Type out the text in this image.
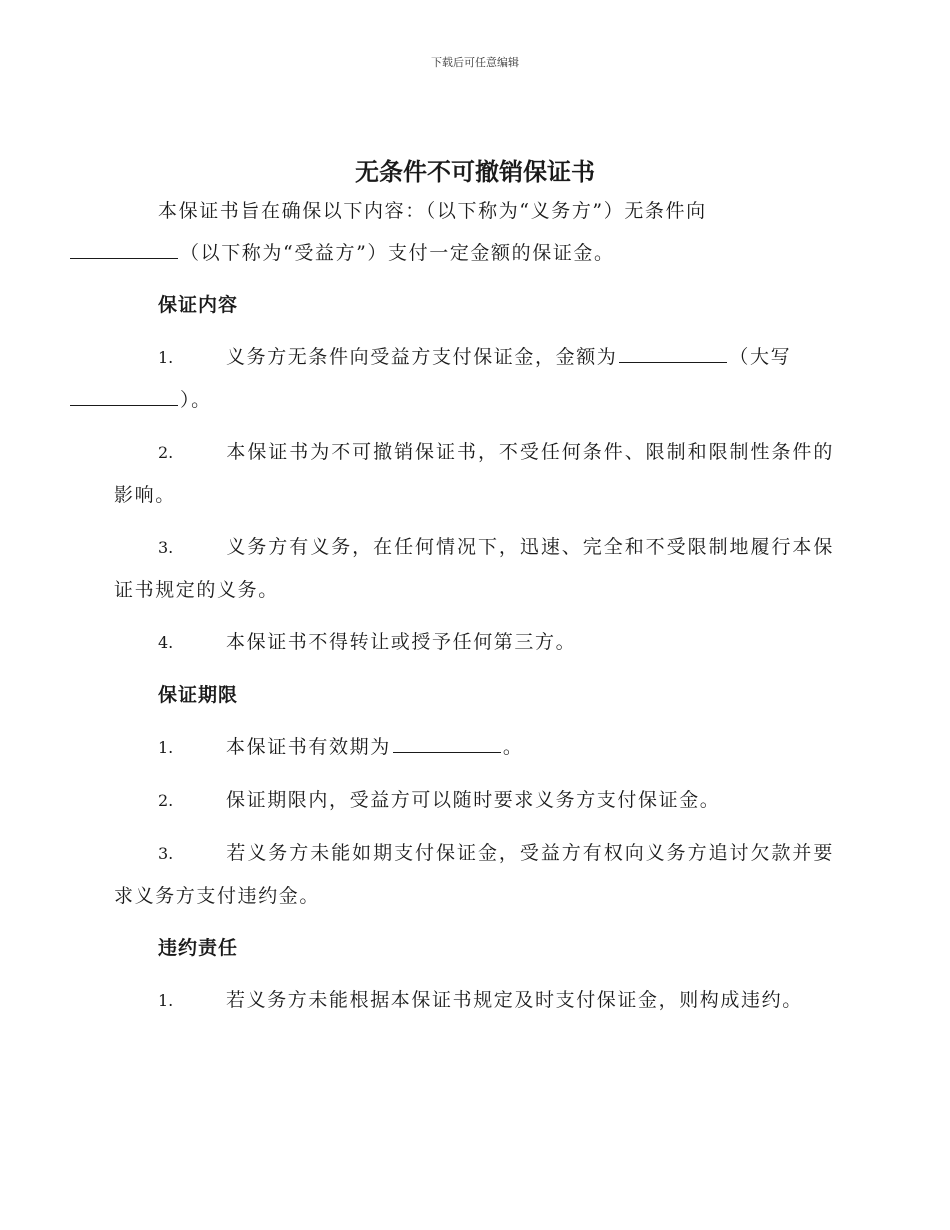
下载后可任意编辑
无条件不可撤销保证书

本保证书旨在确保以下内容：（以下称为“义务方”）无条件向
（以下称为“受益方”）支付一定金额的保证金。

保证内容

1.	义务方无条件向受益方支付保证金，金额为	（大写
）。

2.	本保证书为不可撤销保证书，不受任何条件、限制和限制性条件的影响。

3.	义务方有义务，在任何情况下，迅速、完全和不受限制地履行本保证书规定的义务。

4.	本保证书不得转让或授予任何第三方。

保证期限

1.	本保证书有效期为	。

2.	保证期限内，受益方可以随时要求义务方支付保证金。

3.	若义务方未能如期支付保证金，受益方有权向义务方追讨欠款并要求义务方支付违约金。

违约责任

1.	若义务方未能根据本保证书规定及时支付保证金，则构成违约。
